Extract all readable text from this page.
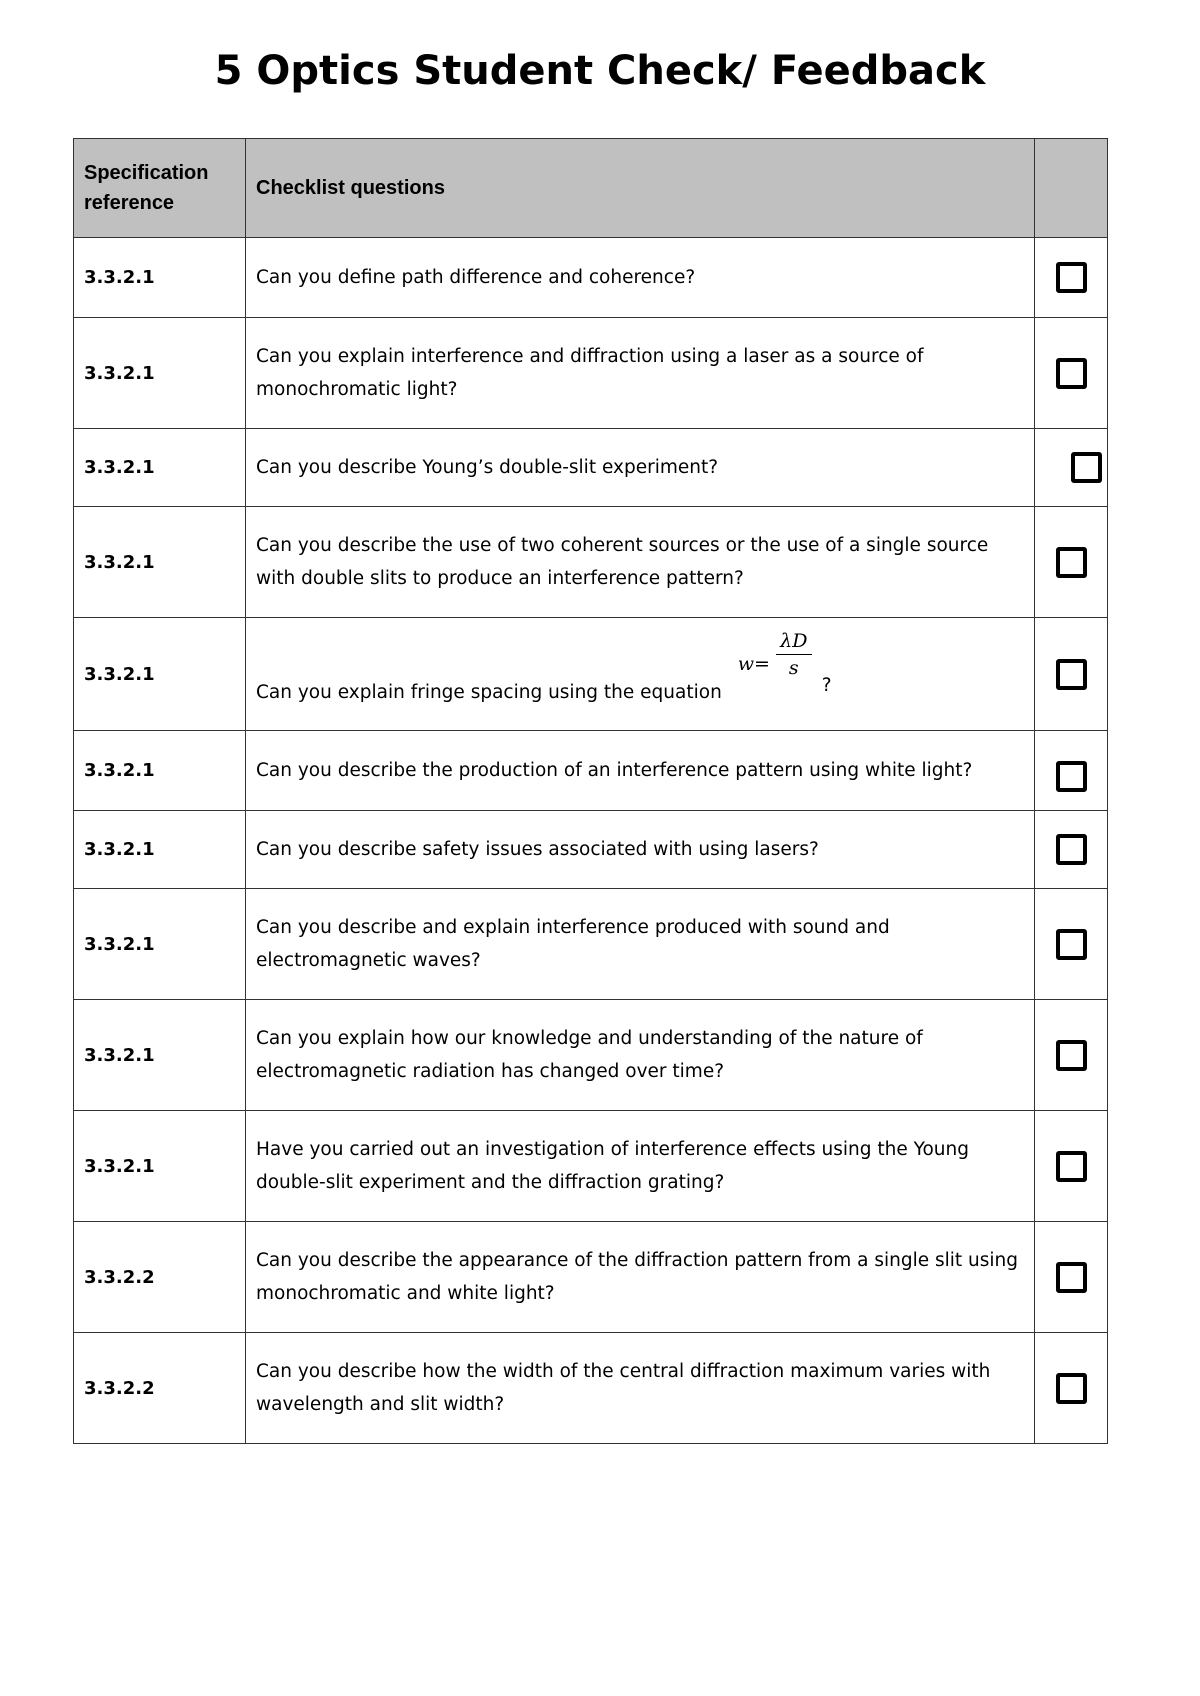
5 Optics Student Check/ Feedback
Specification reference	Checklist questions	
3.3.2.1	Can you define path difference and coherence?	

3.3.2.1	Can you explain interference and diffraction using a laser as a source of monochromatic light?	

3.3.2.1	Can you describe Young’s double-slit experiment?	

3.3.2.1	Can you describe the use of two coherent sources or the use of a single source with double slits to produce an interference pattern?	

3.3.2.1	Can you explain fringe spacing using the equation
$w= \frac{\lambda D}{s}$
?	

3.3.2.1	Can you describe the production of an interference pattern using white light?	

3.3.2.1	Can you describe safety issues associated with using lasers?	

3.3.2.1	Can you describe and explain interference produced with sound and electromagnetic waves?	

3.3.2.1	Can you explain how our knowledge and understanding of the nature of electromagnetic radiation has changed over time?	

3.3.2.1	Have you carried out an investigation of interference effects using the Young double-slit experiment and the diffraction grating?	

3.3.2.2	Can you describe the appearance of the diffraction pattern from a single slit using monochromatic and white light?	

3.3.2.2	Can you describe how the width of the central diffraction maximum varies with wavelength and slit width?	
